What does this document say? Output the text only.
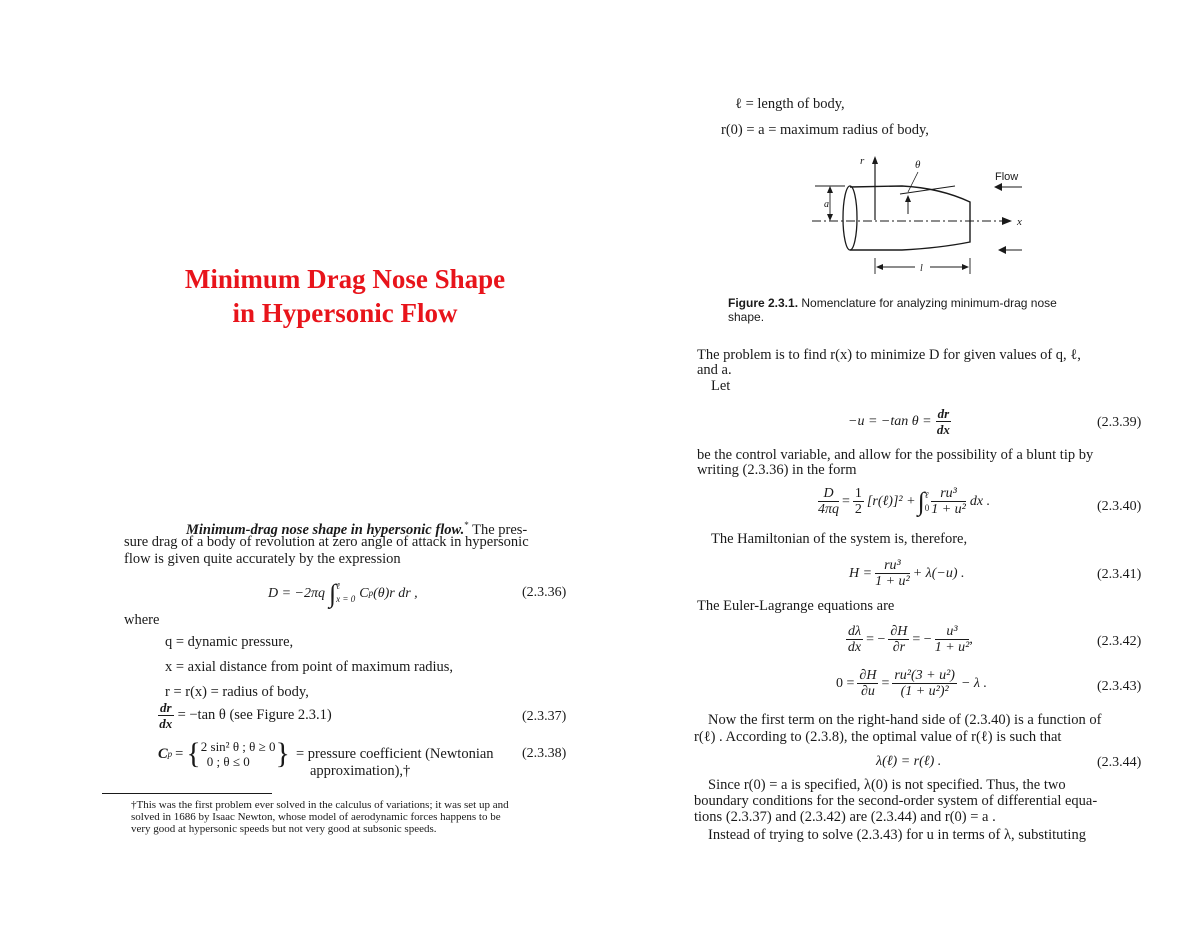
Minimum Drag Nose Shape
in Hypersonic Flow
Minimum-drag nose shape in hypersonic flow.* The pres-
sure drag of a body of revolution at zero angle of attack in hypersonic
flow is given quite accurately by the expression
D = −2πq ∫ ℓ
x = 0 C p (θ)r dr ,	(2.3.36)
where
q = dynamic pressure,
x = axial distance from point of maximum radius,
r = r(x) = radius of body,
$\frac{dr}{dx} = -\tan$ θ (see Figure 2.3.1)	(2.3.37)
C p = { 2 sin² θ ; θ ≥ 0
0 ; θ ≤ 0 } = pressure coefficient (Newtonian
approximation),†
(2.3.38)
†This was the first problem ever solved in the calculus of variations; it was set up and
solved in 1686 by Isaac Newton, whose model of aerodynamic forces happens to be
very good at hypersonic speeds but not very good at subsonic speeds.
ℓ = length of body,
r(0) = a = maximum radius of body,
r	θ
x
a
Flow
l
Figure 2.3.1. Nomenclature for analyzing minimum-drag nose
shape.
The problem is to find r(x) to minimize D for given values of q, ℓ,
and a.
Let
−u = −tan $\theta = \frac{dr}{dx}$	(2.3.39)
be the control variable, and allow for the possibility of a blunt tip by
writing (2.3.36) in the form
$\frac{D}{4\pi q} = \frac{1}{2}$ [r(ℓ)]² + ∫ ℓ
$0 \frac{\text{ru³}}{\text{1 + u²}}$ dx .	(2.3.40)
The Hamiltonian of the system is, therefore,
$H = \frac{\text{ru³}}{\text{1 + u²}} + \lambda(-u)$ .	(2.3.41)
The Euler-Lagrange equations are
$\frac{d\lambda}{dx}$ = − $\frac{\partial H}{\partial r}$ = − $\frac{\text{u³}}{\text{1 + u²}}$ ,	(2.3.42)
$0 = \frac{\partial H}{\partial u} = \frac{\text{ru²(3 + u²)}}{\text{(1 + u²)²}} - \lambda$ .	(2.3.43)
Now the first term on the right-hand side of (2.3.40) is a function of
r(ℓ) . According to (2.3.8), the optimal value of r(ℓ) is such that
λ(ℓ) = r(ℓ) .	(2.3.44)
Since r(0) = a is specified, λ(0) is not specified. Thus, the two
boundary conditions for the second-order system of differential equa-
tions (2.3.37) and (2.3.42) are (2.3.44) and r(0) = a .
Instead of trying to solve (2.3.43) for u in terms of λ, substituting
